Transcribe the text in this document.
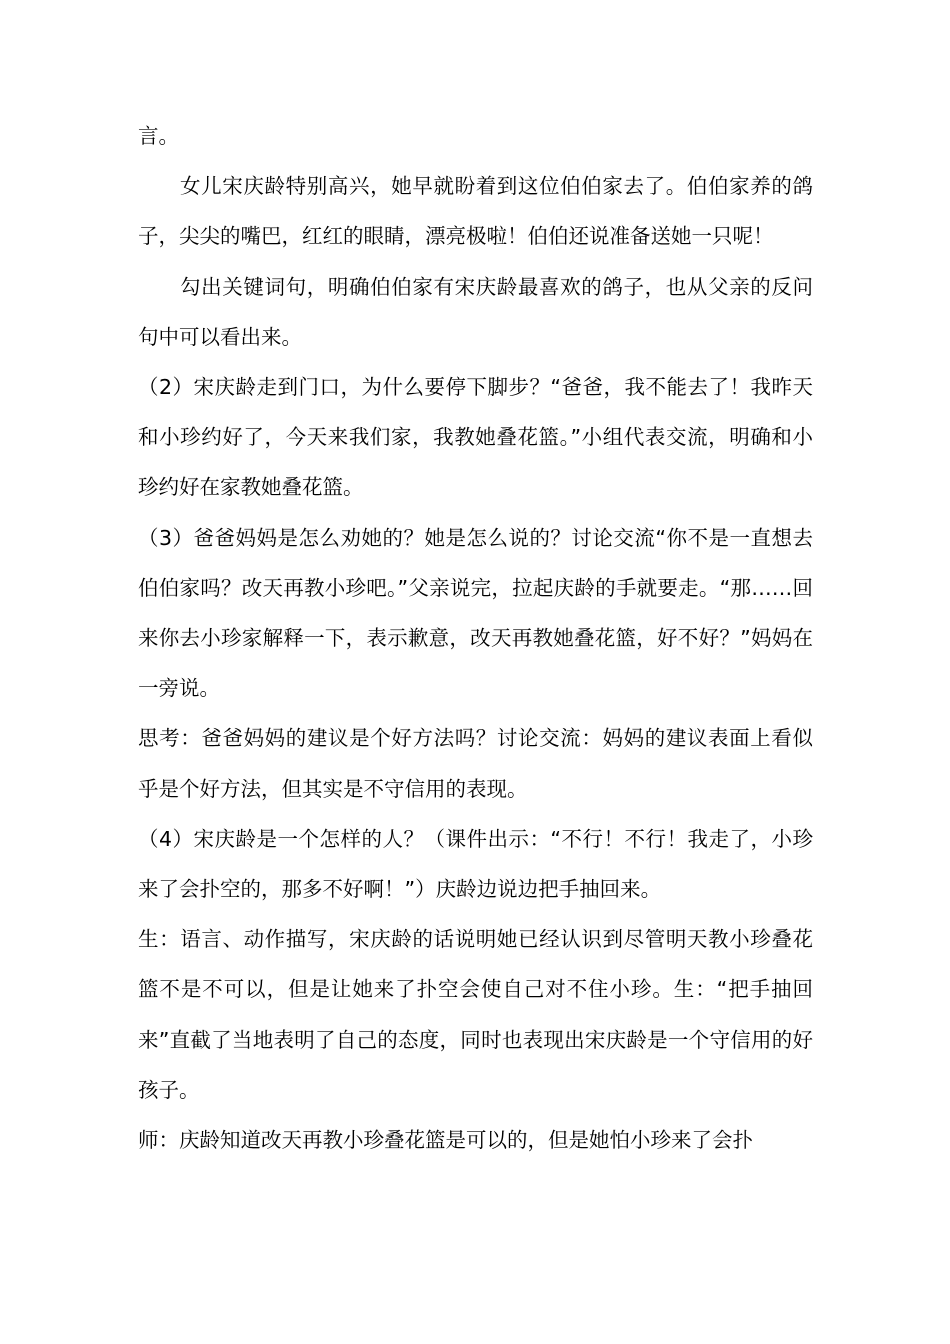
言。

女儿宋庆龄特别高兴，她早就盼着到这位伯伯家去了。伯伯家养的鸽子，尖尖的嘴巴，红红的眼睛，漂亮极啦！伯伯还说准备送她一只呢！

勾出关键词句，明确伯伯家有宋庆龄最喜欢的鸽子，也从父亲的反问句中可以看出来。

（2）宋庆龄走到门口，为什么要停下脚步？“爸爸，我不能去了！我昨天和小珍约好了，今天来我们家，我教她叠花篮。”小组代表交流，明确和小珍约好在家教她叠花篮。

（3）爸爸妈妈是怎么劝她的？她是怎么说的？讨论交流“你不是一直想去伯伯家吗？改天再教小珍吧。”父亲说完，拉起庆龄的手就要走。“那……回来你去小珍家解释一下，表示歉意，改天再教她叠花篮，好不好？”妈妈在一旁说。

思考：爸爸妈妈的建议是个好方法吗？讨论交流：妈妈的建议表面上看似乎是个好方法，但其实是不守信用的表现。

（4）宋庆龄是一个怎样的人？（课件出示：“不行！不行！我走了，小珍来了会扑空的，那多不好啊！”）庆龄边说边把手抽回来。

生：语言、动作描写，宋庆龄的话说明她已经认识到尽管明天教小珍叠花篮不是不可以，但是让她来了扑空会使自己对不住小珍。生：“把手抽回来”直截了当地表明了自己的态度，同时也表现出宋庆龄是一个守信用的好孩子。

师：庆龄知道改天再教小珍叠花篮是可以的，但是她怕小珍来了会扑
